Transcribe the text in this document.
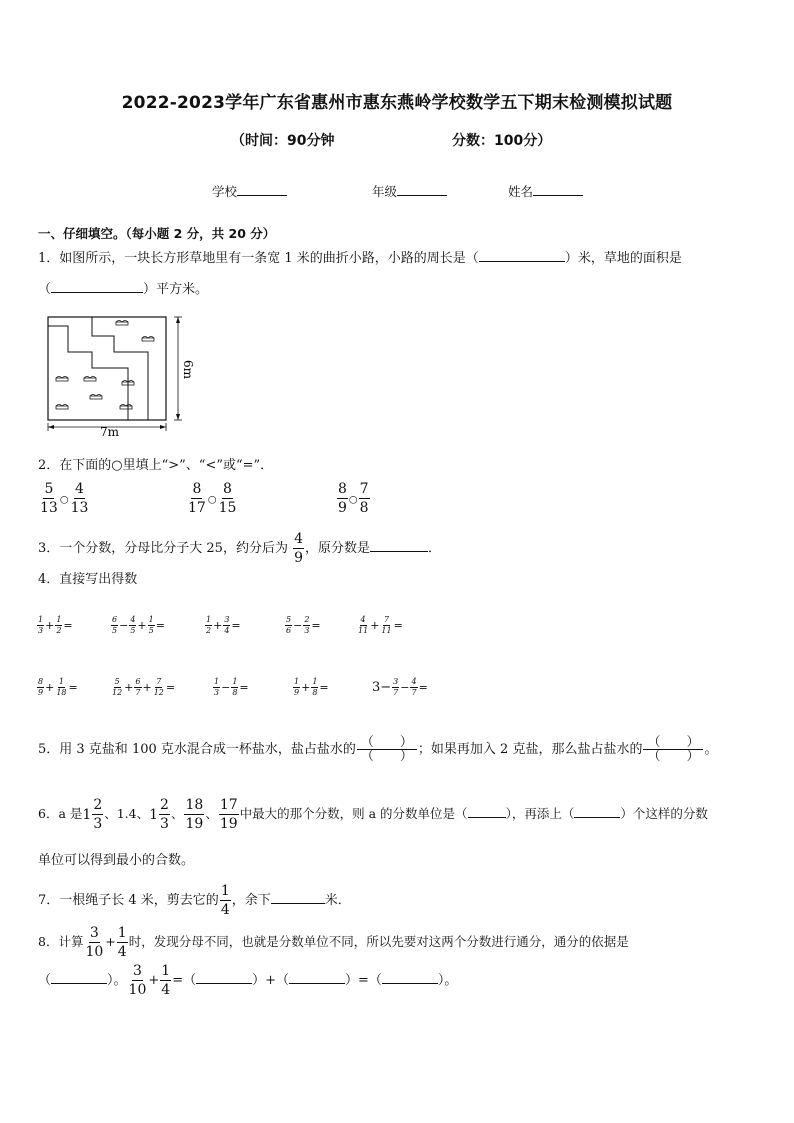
2022-2023学年广东省惠州市惠东燕岭学校数学五下期末检测模拟试题
（时间：90分钟	分数：100分）
学校	年级	姓名
一、仔细填空。（每小题 2 分，共 20 分）
1．如图所示，一块长方形草地里有一条宽 1 米的曲折小路，小路的周长是（	）米，草地的面积是
（	）平方米。
7m
6m
2．在下面的○里填上“>”、“<”或“=”．
$\frac{5}{13}$ ○ $\frac{4}{13}$	$\frac{8}{17}$ ○ $\frac{8}{15}$	$\frac{8}{9}$ ○ $\frac{7}{8}$
3．一个分数，分母比分子大 25，约分后为 $\frac{4}{9}$ ，原分数是	．
4．直接写出得数
$\frac{1}{3} + \frac{1}{2}$ =	$\frac{6}{5} - \frac{4}{5} + \frac{1}{5}$ =	$\frac{1}{2} + \frac{3}{4}$ =	$\frac{5}{6} - \frac{2}{3}$ =	$\frac{4}{11} + \frac{7}{11}$ =
$\frac{8}{9} + \frac{1}{18}$ =	$\frac{5}{12} + \frac{6}{7} + \frac{7}{12}$ =	$\frac{1}{3} - \frac{1}{8}$ =	$\frac{1}{9} + \frac{1}{8}$ =	$3- \frac{3}{7} - \frac{4}{7}$ =
5．用 3 克盐和 100 克水混合成一杯盐水，盐占盐水的 $\frac{( )}{( )}$ ；如果再加入 2 克盐，那么盐占盐水的 $\frac{( )}{( )}$ 。
6．a 是 $1 \frac{2}{3}$ 、1.4、 $1 \frac{2}{3}$ 、 $\frac{18}{19}$ 、 $\frac{17}{19}$ 中最大的那个分数，则 a 的分数单位是（	），再添上（	）个这样的分数
单位可以得到最小的合数。
7．一根绳子长 4 米，剪去它的 $\frac{1}{4}$ ，余下	米．
8．计算 $\frac{3}{10} + \frac{1}{4}$ 时，发现分母不同，也就是分数单位不同，所以先要对这两个分数进行通分，通分的依据是
（	）。 $\frac{3}{10} + \frac{1}{4}$ =（	）+（	）=（	）。
